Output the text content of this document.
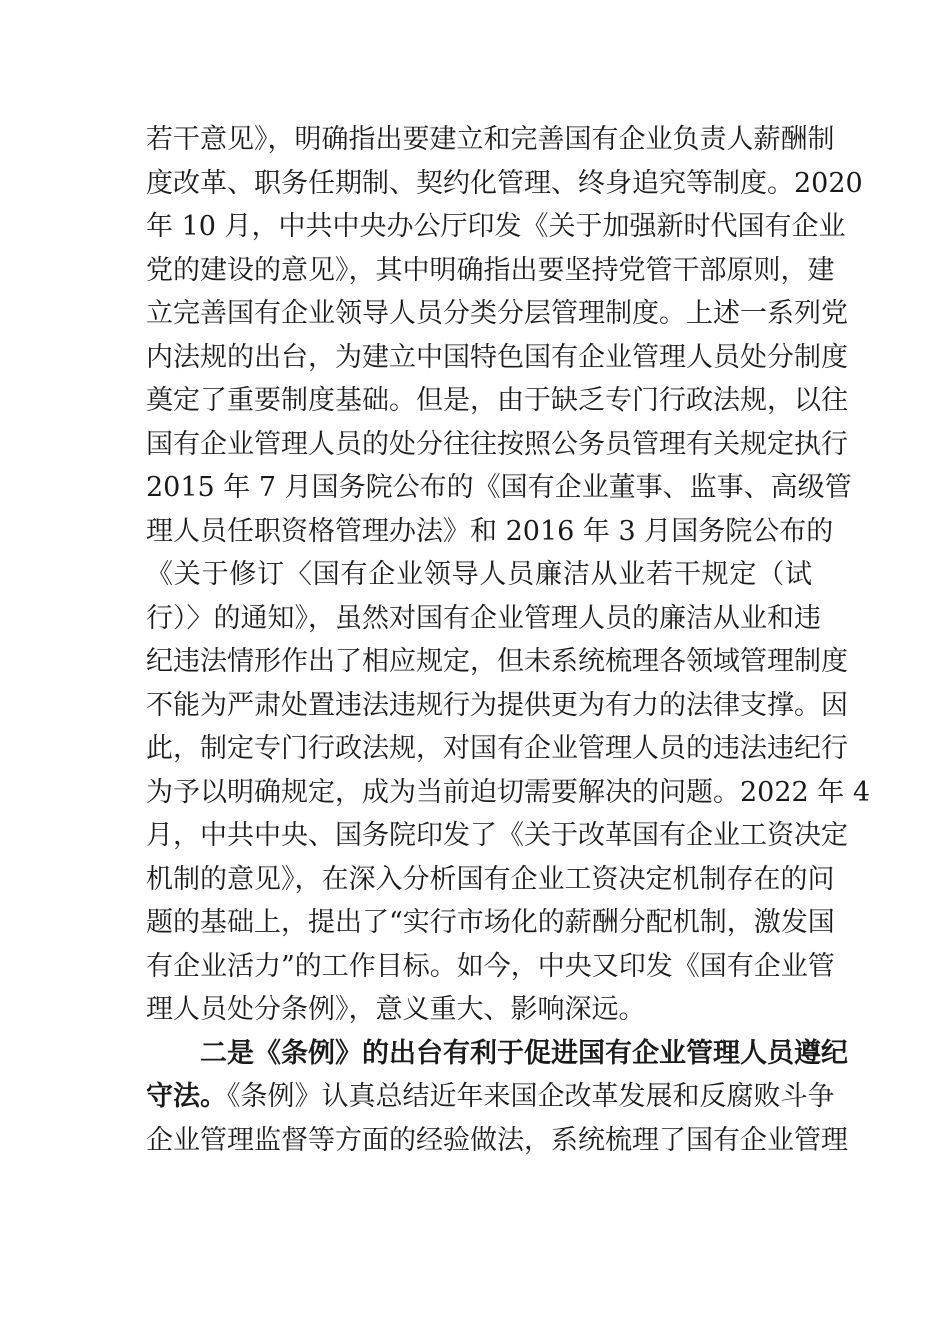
若干意见》，明确指出要建立和完善国有企业负责人薪酬制
度改革、职务任期制、契约化管理、终身追究等制度。2020
年 10 月，中共中央办公厅印发《关于加强新时代国有企业
党的建设的意见》，其中明确指出要坚持党管干部原则，建
立完善国有企业领导人员分类分层管理制度。上述一系列党
内法规的出台，为建立中国特色国有企业管理人员处分制度
奠定了重要制度基础。但是，由于缺乏专门行政法规，以往
国有企业管理人员的处分往往按照公务员管理有关规定执行
2015 年 7 月国务院公布的《国有企业董事、监事、高级管
理人员任职资格管理办法》和 2016 年 3 月国务院公布的
《关于修订〈国有企业领导人员廉洁从业若干规定（试
行）〉的通知》，虽然对国有企业管理人员的廉洁从业和违
纪违法情形作出了相应规定，但未系统梳理各领域管理制度
不能为严肃处置违法违规行为提供更为有力的法律支撑。因
此，制定专门行政法规，对国有企业管理人员的违法违纪行
为予以明确规定，成为当前迫切需要解决的问题。2022 年 4
月，中共中央、国务院印发了《关于改革国有企业工资决定
机制的意见》，在深入分析国有企业工资决定机制存在的问
题的基础上，提出了“实行市场化的薪酬分配机制，激发国
有企业活力”的工作目标。如今，中央又印发《国有企业管
理人员处分条例》，意义重大、影响深远。
二是《条例》的出台有利于促进国有企业管理人员遵纪
守法。《条例》认真总结近年来国企改革发展和反腐败斗争
企业管理监督等方面的经验做法，系统梳理了国有企业管理
